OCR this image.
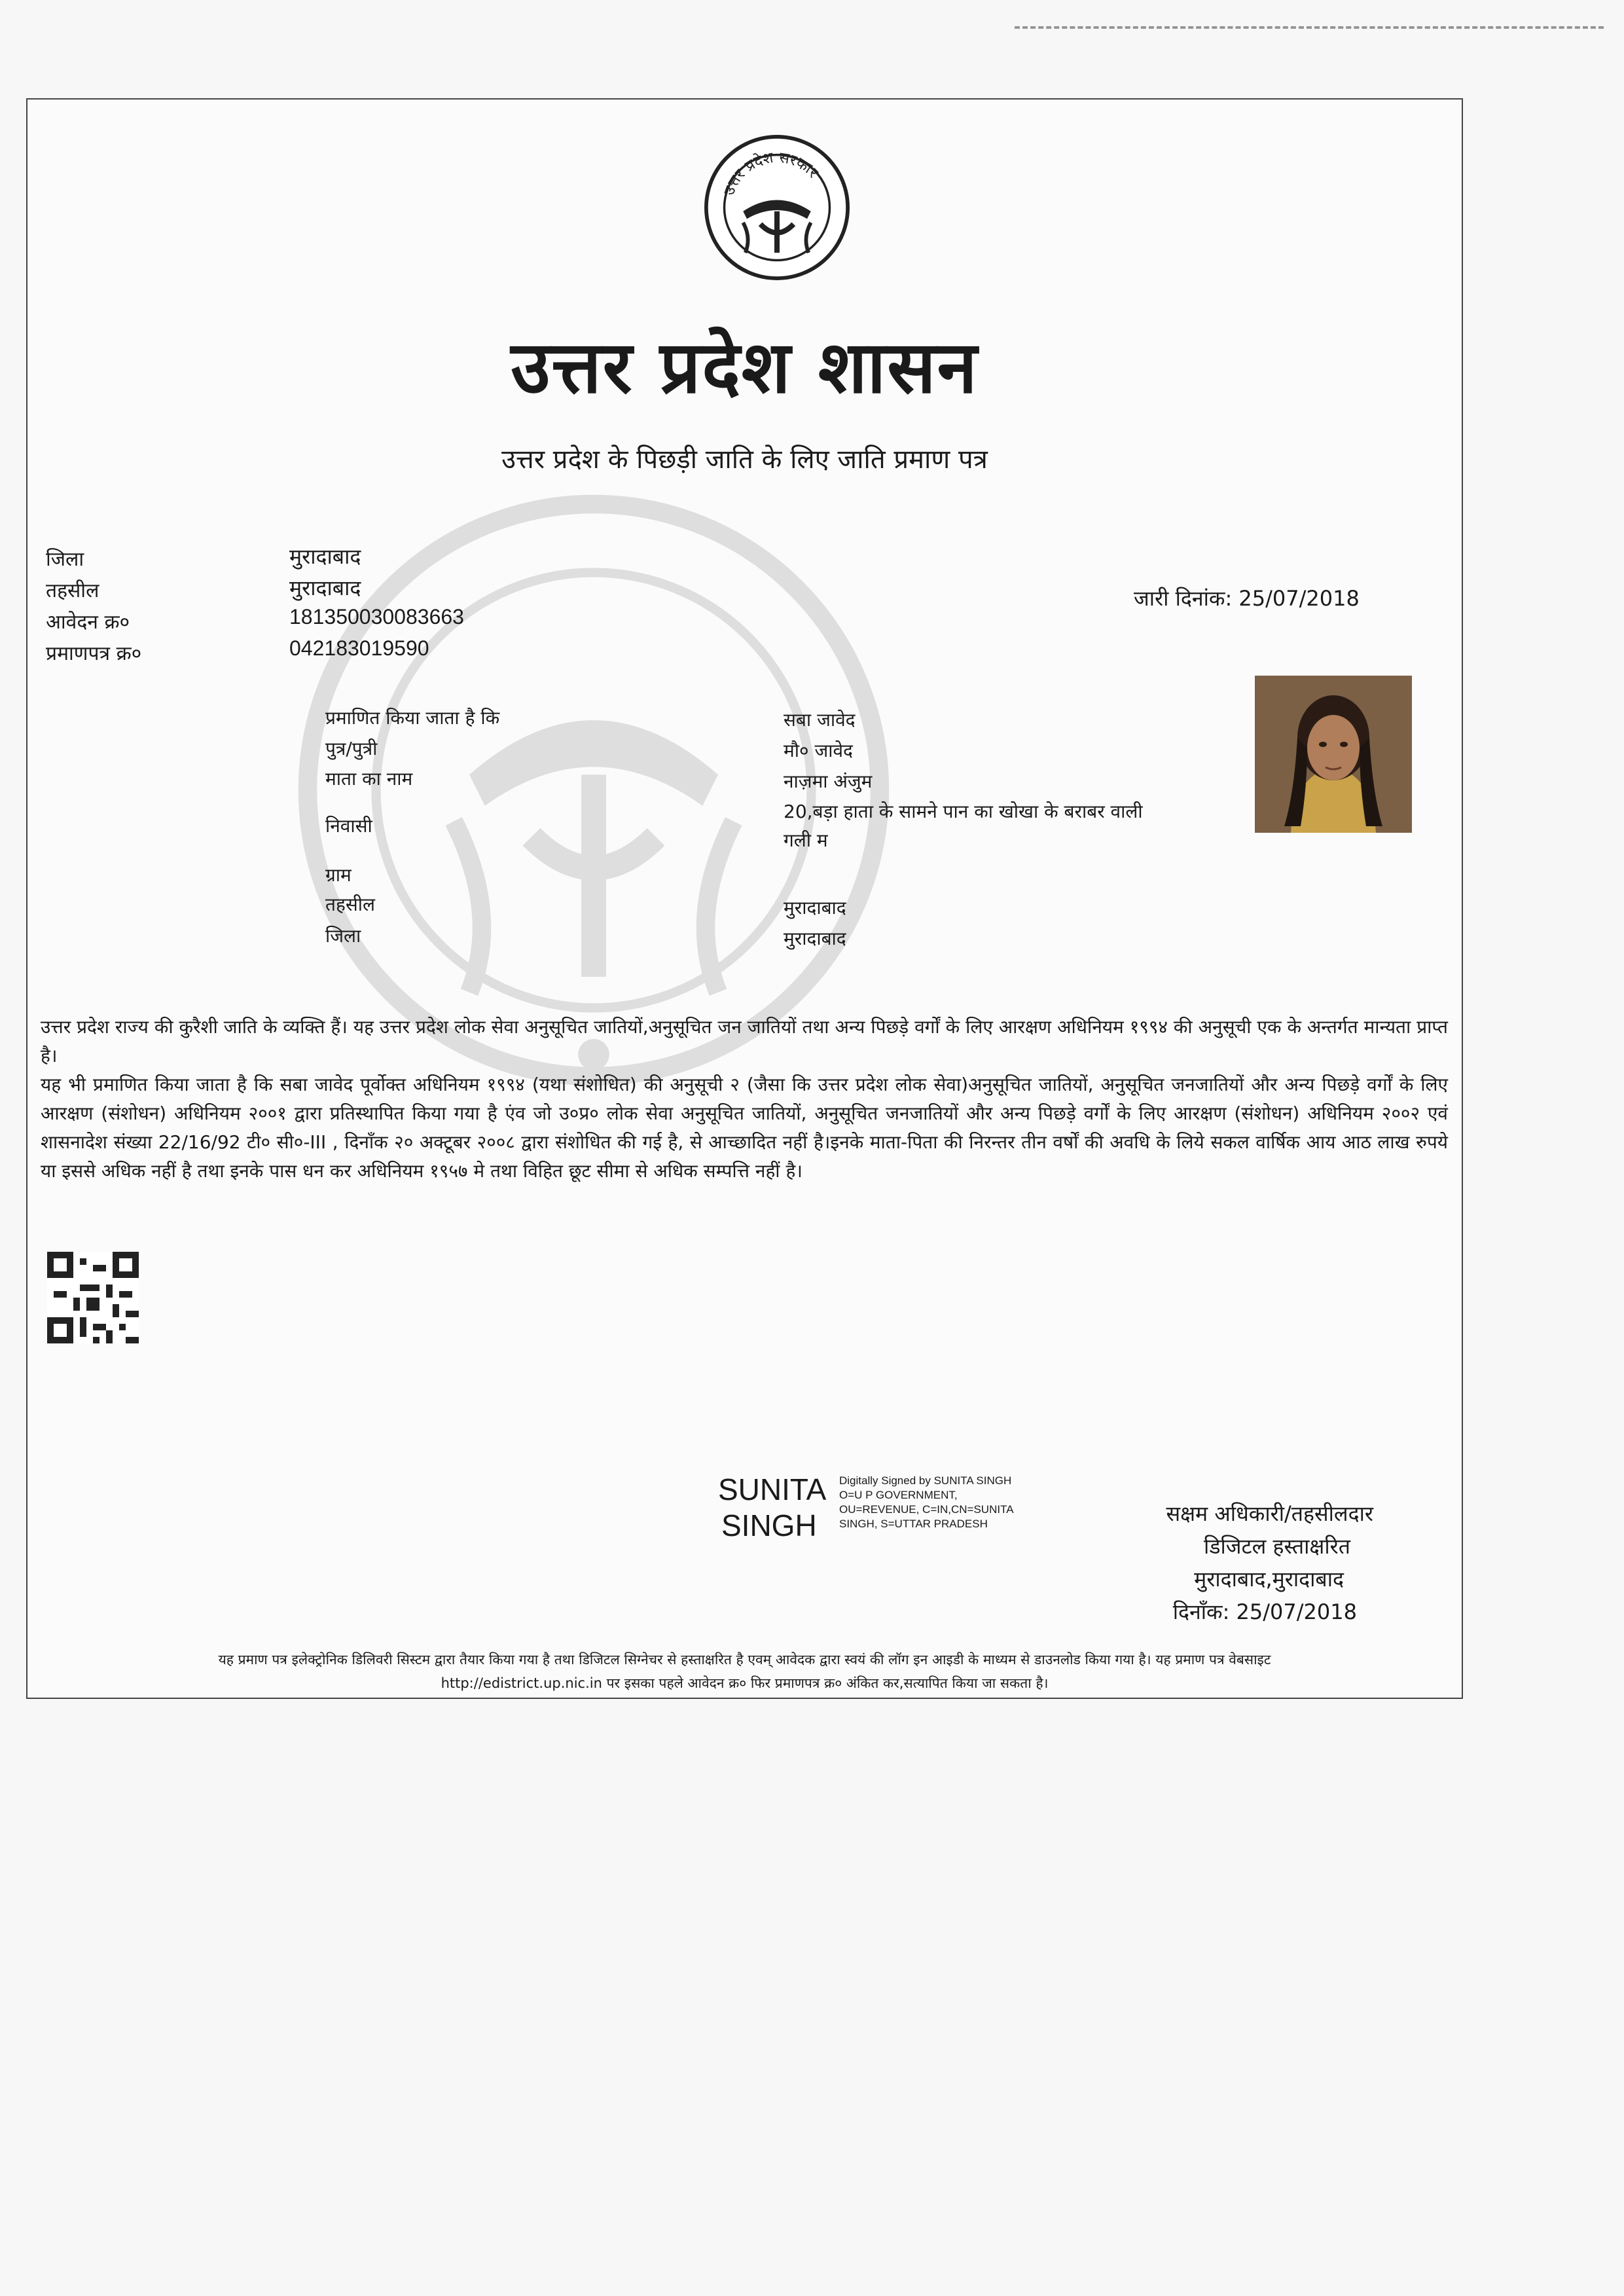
उत्तर प्रदेश सरकार
उत्तर प्रदेश शासन
उत्तर प्रदेश के पिछड़ी जाति के लिए जाति प्रमाण पत्र
जिला
तहसील
आवेदन क्र०
प्रमाणपत्र क्र०
मुरादाबाद
मुरादाबाद
181350030083663
042183019590
जारी दिनांक: 25/07/2018
प्रमाणित किया जाता है कि
पुत्र/पुत्री
माता का नाम
निवासी
ग्राम
तहसील
जिला
सबा जावेद
मौ० जावेद
नाज़मा अंजुम
20,बड़ा हाता के सामने पान का खोखा के बराबर वाली
गली म
मुरादाबाद
मुरादाबाद

उत्तर प्रदेश राज्य की कुरैशी जाति के व्यक्ति हैं। यह उत्तर प्रदेश लोक सेवा अनुसूचित जातियों,अनुसूचित जन जातियों तथा अन्य पिछड़े वर्गों के लिए आरक्षण अधिनियम १९९४ की अनुसूची एक के अन्तर्गत मान्यता प्राप्त है।

यह भी प्रमाणित किया जाता है कि सबा जावेद पूर्वोक्त अधिनियम १९९४ (यथा संशोधित) की अनुसूची २ (जैसा कि उत्तर प्रदेश लोक सेवा)अनुसूचित जातियों, अनुसूचित जनजातियों और अन्य पिछड़े वर्गों के लिए आरक्षण (संशोधन) अधिनियम २००१ द्वारा प्रतिस्थापित किया गया है एंव जो उ०प्र० लोक सेवा अनुसूचित जातियों, अनुसूचित जनजातियों और अन्य पिछड़े वर्गों के लिए आरक्षण (संशोधन) अधिनियम २००२ एवं शासनादेश संख्या 22/16/92 टी० सी०-III , दिनाँक २० अक्टूबर २००८ द्वारा संशोधित की गई है, से आच्छादित नहीं है।इनके माता-पिता की निरन्तर तीन वर्षों की अवधि के लिये सकल वार्षिक आय आठ लाख रुपये या इससे अधिक नहीं है तथा इनके पास धन कर अधिनियम १९५७ मे तथा विहित छूट सीमा से अधिक सम्पत्ति नहीं है।

SUNITA
SINGH
Digitally Signed by SUNITA SINGH
O=U P GOVERNMENT,
OU=REVENUE, C=IN,CN=SUNITA
SINGH, S=UTTAR PRADESH	सक्षम अधिकारी/तहसीलदार
डिजिटल हस्ताक्षरित
मुरादाबाद,मुरादाबाद
दिनाँक: 25/07/2018
यह प्रमाण पत्र इलेक्ट्रोनिक डिलिवरी सिस्टम द्वारा तैयार किया गया है तथा डिजिटल सिग्नेचर से हस्ताक्षरित है एवम् आवेदक द्वारा स्वयं की लॉग इन आइडी के माध्यम से डाउनलोड किया गया है। यह प्रमाण पत्र वेबसाइट
http://edistrict.up.nic.in पर इसका पहले आवेदन क्र० फिर प्रमाणपत्र क्र० अंकित कर,सत्यापित किया जा सकता है।
